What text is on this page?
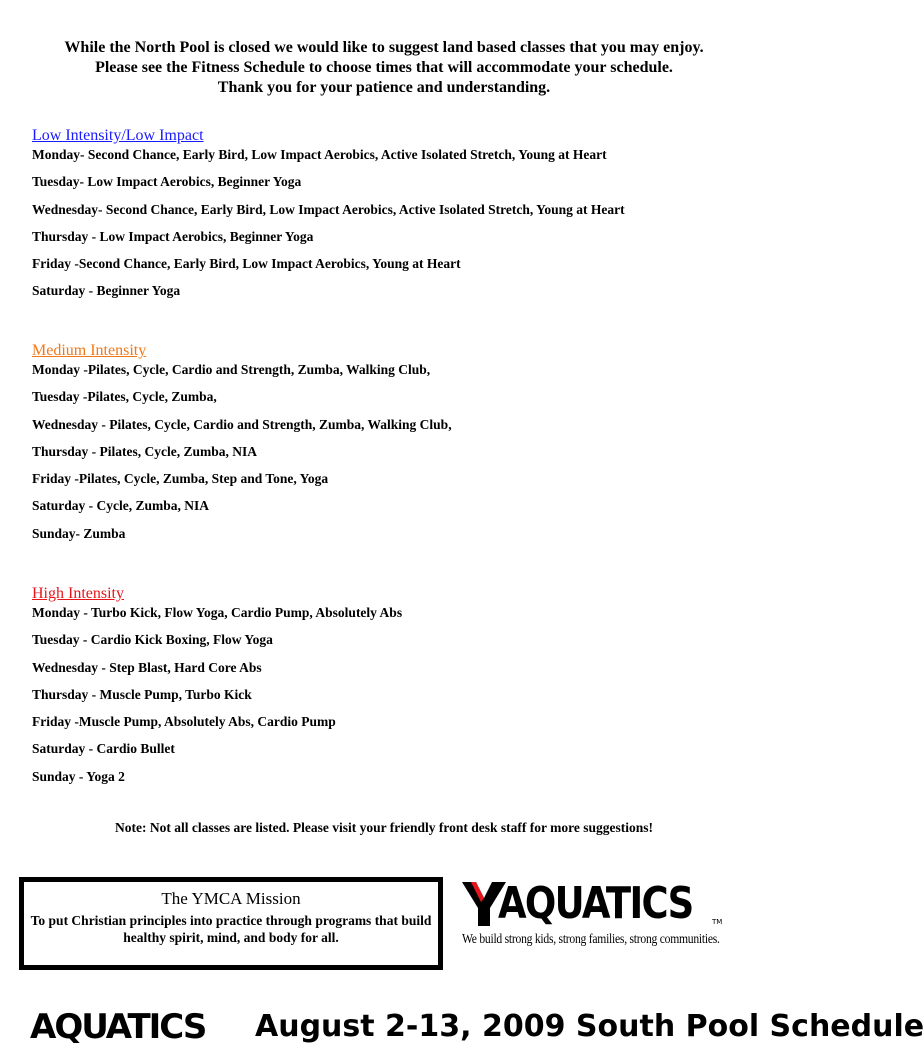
While the North Pool is closed we would like to suggest land based classes that you may enjoy.
Please see the Fitness Schedule to choose times that will accommodate your schedule.
Thank you for your patience and understanding.
Low Intensity/Low Impact
Monday- Second Chance, Early Bird, Low Impact Aerobics, Active Isolated Stretch, Young at Heart
Tuesday- Low Impact Aerobics, Beginner Yoga
Wednesday- Second Chance, Early Bird, Low Impact Aerobics, Active Isolated Stretch, Young at Heart
Thursday - Low Impact Aerobics, Beginner Yoga
Friday -Second Chance, Early Bird, Low Impact Aerobics, Young at Heart
Saturday - Beginner Yoga
Medium Intensity
Monday -Pilates, Cycle, Cardio and Strength, Zumba, Walking Club,
Tuesday -Pilates, Cycle, Zumba,
Wednesday - Pilates, Cycle, Cardio and Strength, Zumba, Walking Club,
Thursday - Pilates, Cycle, Zumba, NIA
Friday -Pilates, Cycle, Zumba, Step and Tone, Yoga
Saturday - Cycle, Zumba, NIA
Sunday- Zumba
High Intensity
Monday - Turbo Kick, Flow Yoga, Cardio Pump, Absolutely Abs
Tuesday - Cardio Kick Boxing, Flow Yoga
Wednesday - Step Blast, Hard Core Abs
Thursday - Muscle Pump, Turbo Kick
Friday -Muscle Pump, Absolutely Abs, Cardio Pump
Saturday - Cardio Bullet
Sunday - Yoga 2
Note: Not all classes are listed. Please visit your friendly front desk staff for more suggestions!
The YMCA Mission
To put Christian principles into practice through programs that build healthy spirit, mind, and body for all.
AQUATICS	TM
We build strong kids, strong families, strong communities.
AQUATICS August 2-13, 2009 South Pool Schedule
